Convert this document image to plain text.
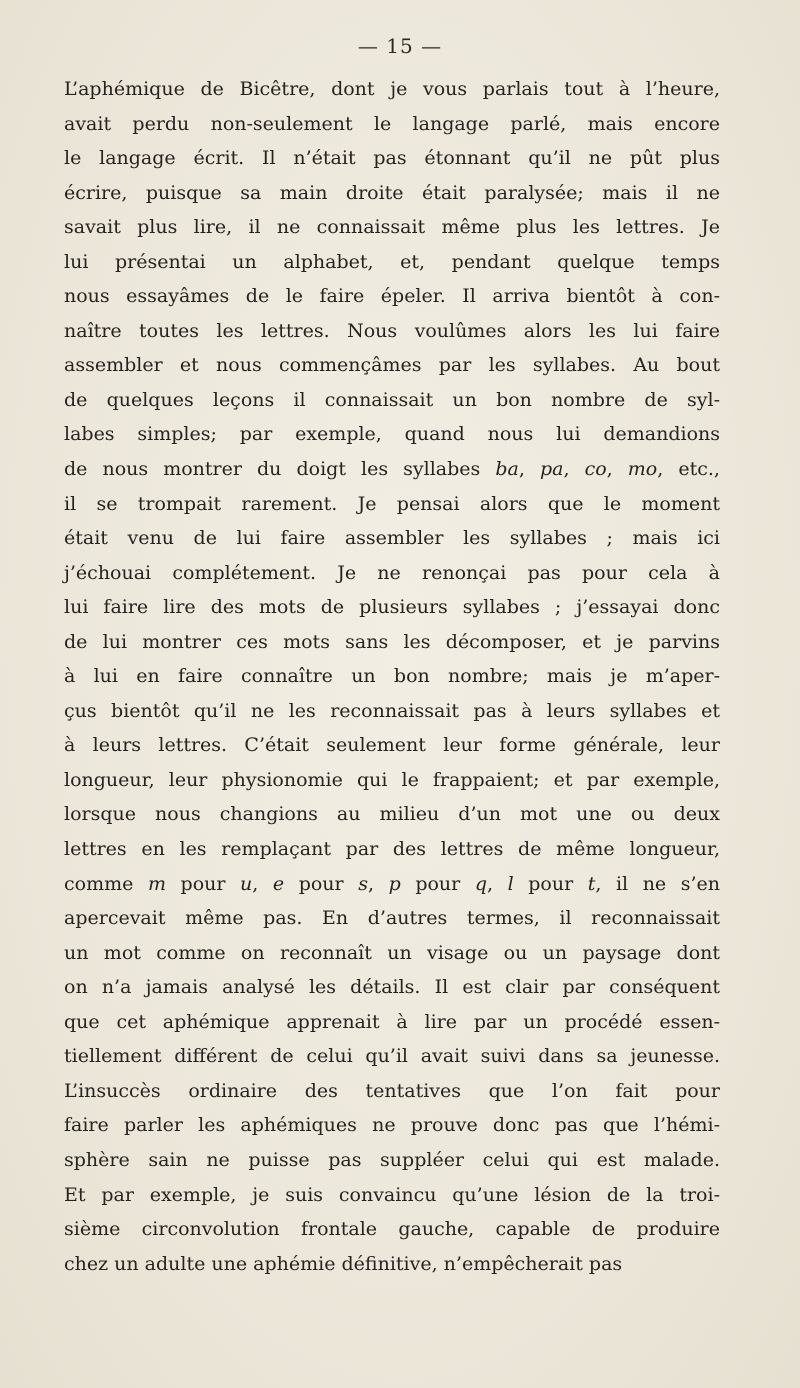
— 15 —
L’aphémique de Bicêtre, dont je vous parlais tout à l’heure,
avait perdu non-seulement le langage parlé, mais encore
le langage écrit. Il n’était pas étonnant qu’il ne pût plus
écrire, puisque sa main droite était paralysée; mais il ne
savait plus lire, il ne connaissait même plus les lettres. Je
lui présentai un alphabet, et, pendant quelque temps
nous essayâmes de le faire épeler. Il arriva bientôt à con-
naître toutes les lettres. Nous voulûmes alors les lui faire
assembler et nous commençâmes par les syllabes. Au bout
de quelques leçons il connaissait un bon nombre de syl-
labes simples; par exemple, quand nous lui demandions
de nous montrer du doigt les syllabes ba, pa, co, mo, etc.,
il se trompait rarement. Je pensai alors que le moment
était venu de lui faire assembler les syllabes ; mais ici
j’échouai complétement. Je ne renonçai pas pour cela à
lui faire lire des mots de plusieurs syllabes ; j’essayai donc
de lui montrer ces mots sans les décomposer, et je parvins
à lui en faire connaître un bon nombre; mais je m’aper-
çus bientôt qu’il ne les reconnaissait pas à leurs syllabes et
à leurs lettres. C’était seulement leur forme générale, leur
longueur, leur physionomie qui le frappaient; et par exemple,
lorsque nous changions au milieu d’un mot une ou deux
lettres en les remplaçant par des lettres de même longueur,
comme m pour u, e pour s, p pour q, l pour t, il ne s’en
apercevait même pas. En d’autres termes, il reconnaissait
un mot comme on reconnaît un visage ou un paysage dont
on n’a jamais analysé les détails. Il est clair par conséquent
que cet aphémique apprenait à lire par un procédé essen-
tiellement différent de celui qu’il avait suivi dans sa jeunesse.
L’insuccès ordinaire des tentatives que l’on fait pour
faire parler les aphémiques ne prouve donc pas que l’hémi-
sphère sain ne puisse pas suppléer celui qui est malade.
Et par exemple, je suis convaincu qu’une lésion de la troi-
sième circonvolution frontale gauche, capable de produire
chez un adulte une aphémie définitive, n’empêcherait pas
